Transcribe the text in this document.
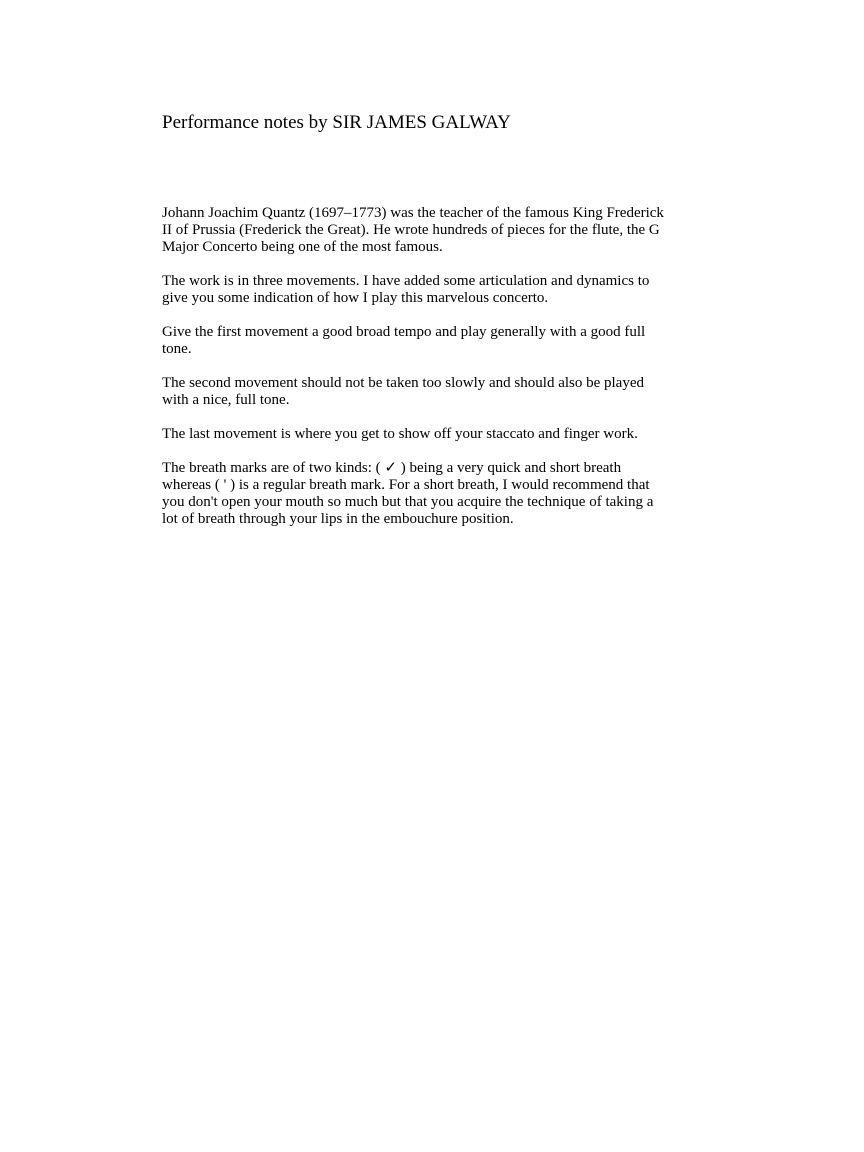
Performance notes by SIR JAMES GALWAY

Johann Joachim Quantz (1697–1773) was the teacher of the famous King Frederick
II of Prussia (Frederick the Great). He wrote hundreds of pieces for the flute, the G
Major Concerto being one of the most famous.

The work is in three movements. I have added some articulation and dynamics to
give you some indication of how I play this marvelous concerto.

Give the first movement a good broad tempo and play generally with a good full
tone.

The second movement should not be taken too slowly and should also be played
with a nice, full tone.

The last movement is where you get to show off your staccato and finger work.

The breath marks are of two kinds: ( ✓ ) being a very quick and short breath
whereas ( ' ) is a regular breath mark. For a short breath, I would recommend that
you don't open your mouth so much but that you acquire the technique of taking a
lot of breath through your lips in the embouchure position.
